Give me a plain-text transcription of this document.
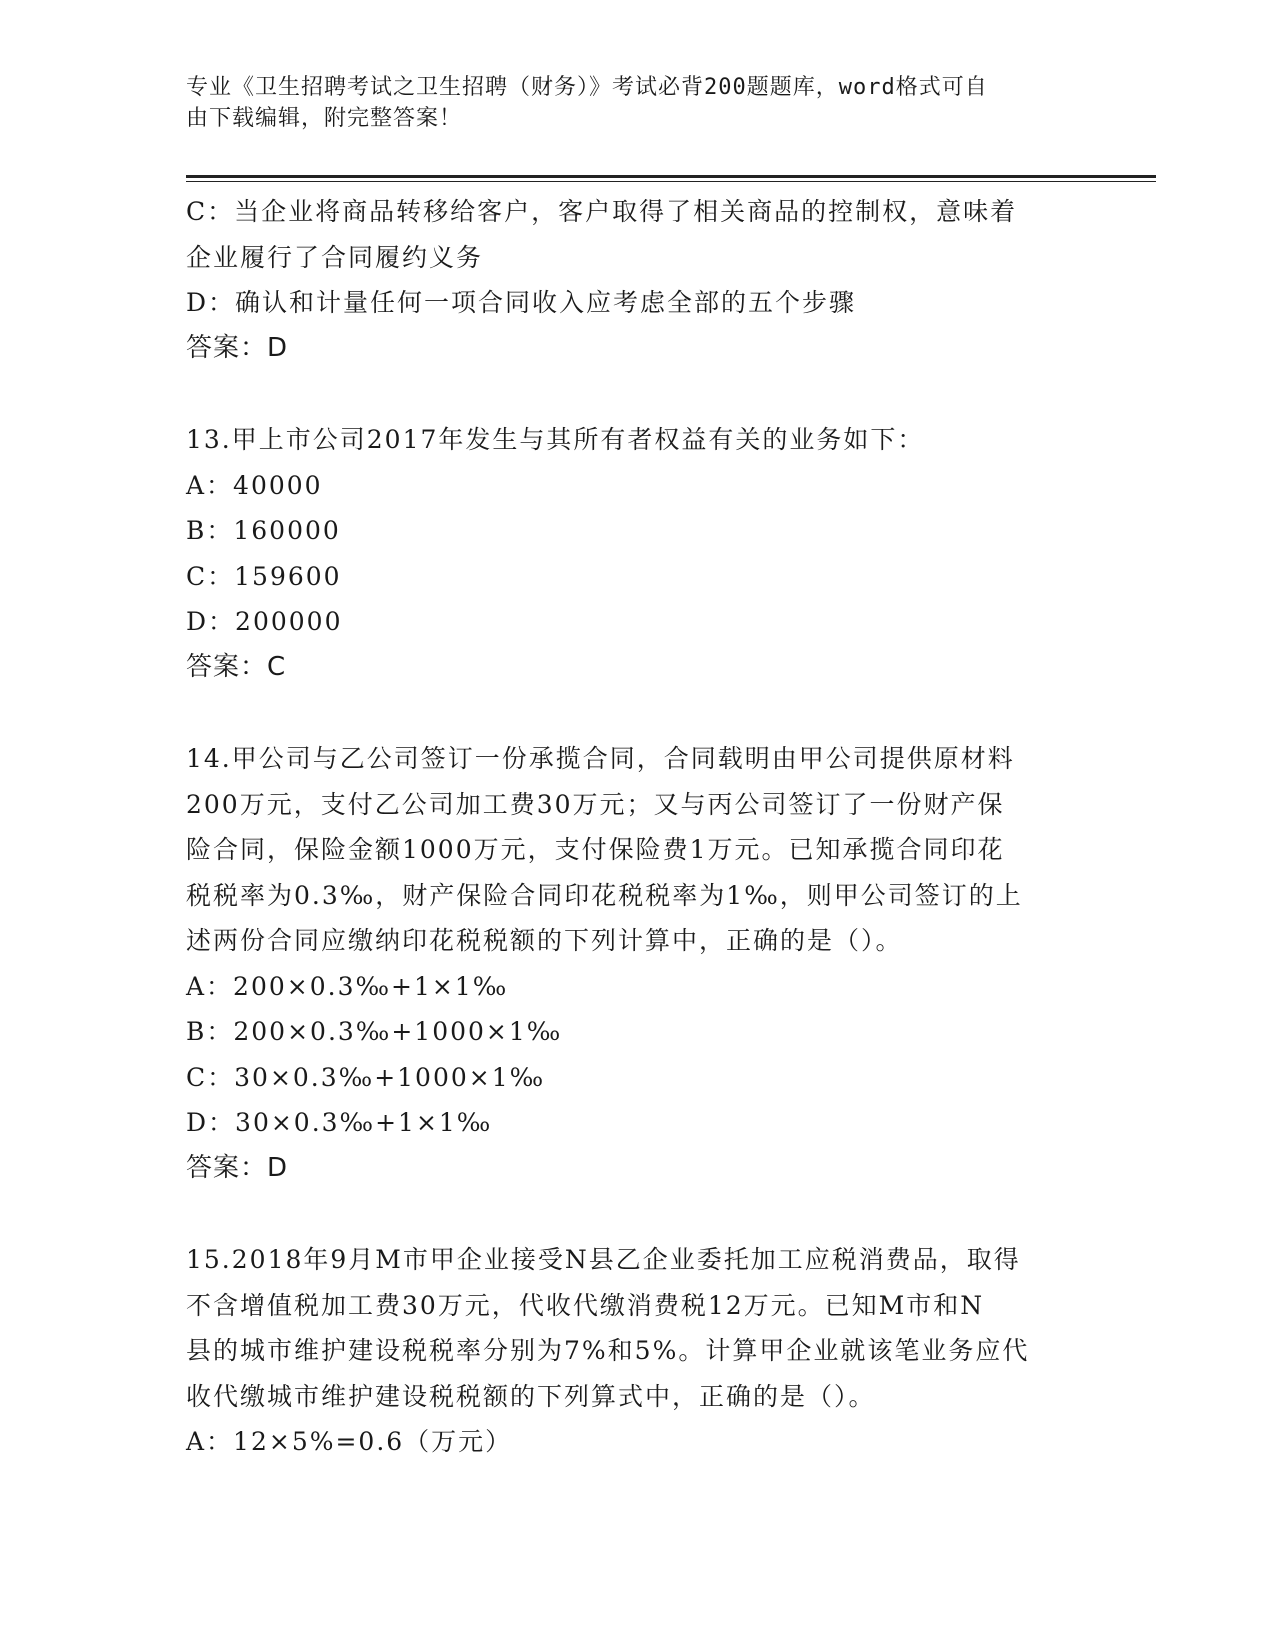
专业《卫生招聘考试之卫生招聘（财务）》考试必背200题题库，word格式可自
由下载编辑，附完整答案！
C：当企业将商品转移给客户，客户取得了相关商品的控制权，意味着
企业履行了合同履约义务
D：确认和计量任何一项合同收入应考虑全部的五个步骤
答案：D
13.甲上市公司2017年发生与其所有者权益有关的业务如下：
A：40000
B：160000
C：159600
D：200000
答案：C
14.甲公司与乙公司签订一份承揽合同，合同载明由甲公司提供原材料
200万元，支付乙公司加工费30万元；又与丙公司签订了一份财产保
险合同，保险金额1000万元，支付保险费1万元。已知承揽合同印花
税税率为0.3‰，财产保险合同印花税税率为1‰，则甲公司签订的上
述两份合同应缴纳印花税税额的下列计算中，正确的是（）。
A：200×0.3‰+1×1‰
B：200×0.3‰+1000×1‰
C：30×0.3‰+1000×1‰
D：30×0.3‰+1×1‰
答案：D
15.2018年9月M市甲企业接受N县乙企业委托加工应税消费品，取得
不含增值税加工费30万元，代收代缴消费税12万元。已知M市和N
县的城市维护建设税税率分别为7%和5%。计算甲企业就该笔业务应代
收代缴城市维护建设税税额的下列算式中，正确的是（）。
A：12×5%=0.6（万元）
